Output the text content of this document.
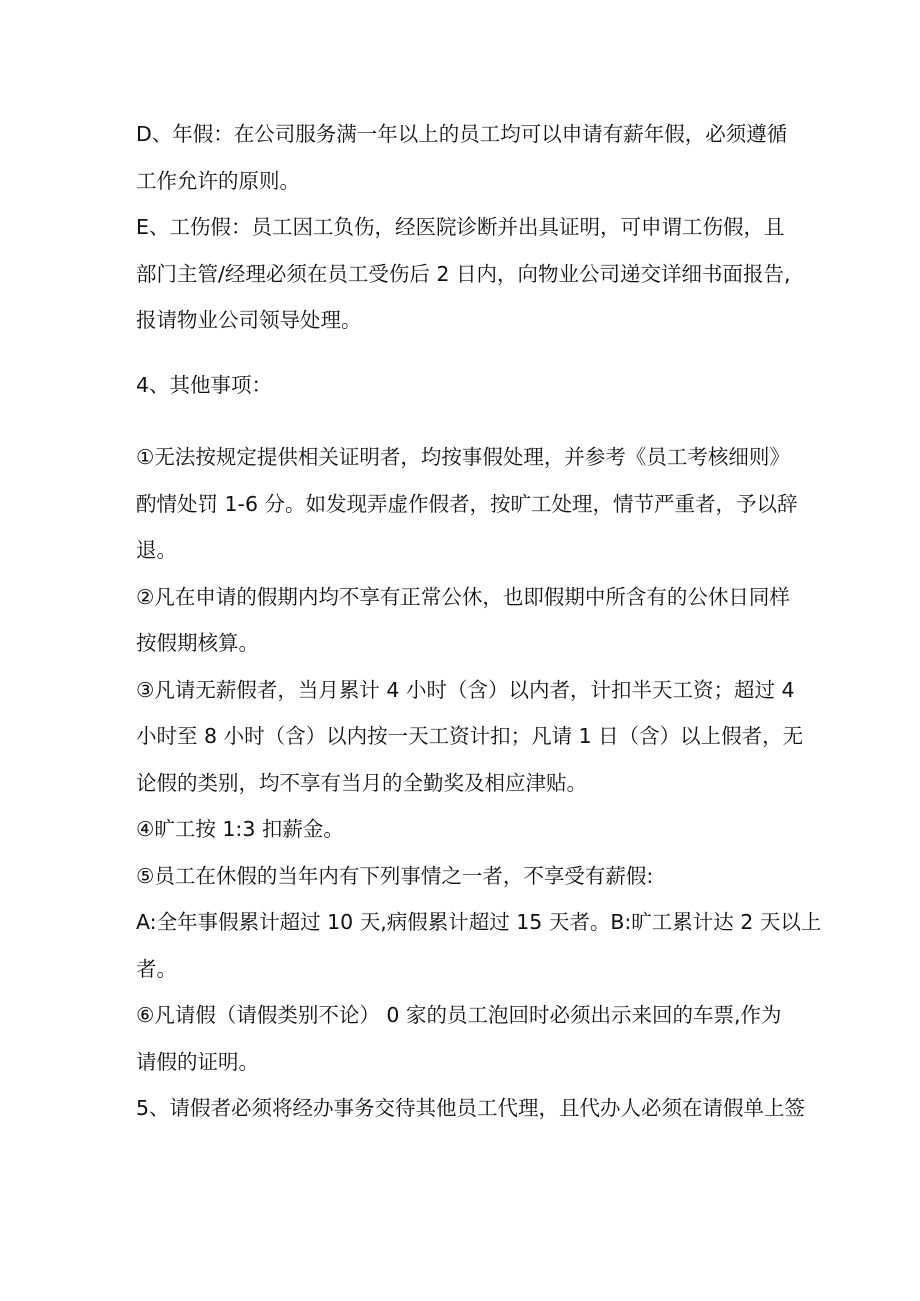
D、年假：在公司服务满一年以上的员工均可以申请有薪年假，必须遵循
工作允许的原则。
E、工伤假：员工因工负伤，经医院诊断并出具证明，可申谓工伤假，且
部门主管/经理必须在员工受伤后 2 日内，向物业公司递交详细书面报告,
报请物业公司领导处理。
4、其他事项：
①无法按规定提供相关证明者，均按事假处理，并参考《员工考核细则》
酌情处罚 1-6 分。如发现弄虚作假者，按旷工处理，情节严重者，予以辞
退。
②凡在申请的假期内均不享有正常公休，也即假期中所含有的公休日同样
按假期核算。
③凡请无薪假者，当月累计 4 小时（含）以内者，计扣半天工资；超过 4
小时至 8 小时（含）以内按一天工资计扣；凡请 1 日（含）以上假者，无
论假的类别，均不享有当月的全勤奖及相应津贴。
④旷工按 1:3 扣薪金。
⑤员工在休假的当年内有下列事情之一者，不享受有薪假:
A:全年事假累计超过 10 天,病假累计超过 15 天者。B:旷工累计达 2 天以上
者。
⑥凡请假（请假类别不论） 0 家的员工泡回时必须出示来回的车票,作为
请假的证明。
5、请假者必须将经办事务交待其他员工代理，且代办人必须在请假单上签
